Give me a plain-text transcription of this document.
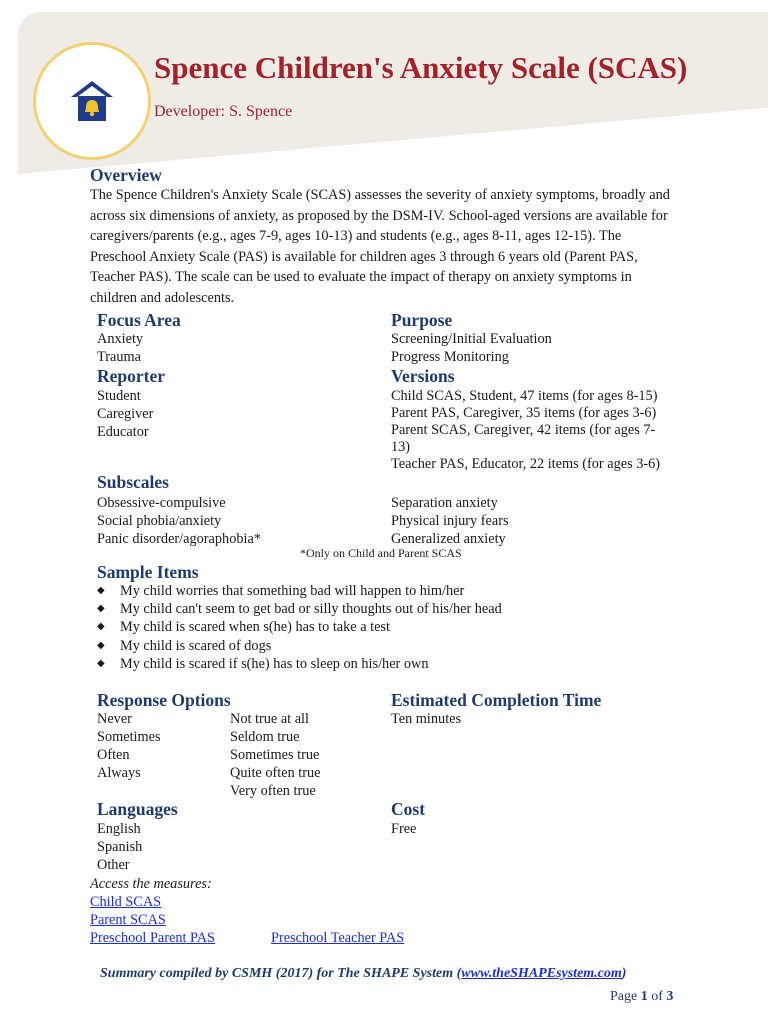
Spence Children's Anxiety Scale (SCAS)
Developer: S. Spence
Overview

The Spence Children's Anxiety Scale (SCAS) assesses the severity of anxiety symptoms, broadly and across six dimensions of anxiety, as proposed by the DSM-IV. School-aged versions are available for caregivers/parents (e.g., ages 7-9, ages 10-13) and students (e.g., ages 8-11, ages 12-15). The Preschool Anxiety Scale (PAS) is available for children ages 3 through 6 years old (Parent PAS, Teacher PAS). The scale can be used to evaluate the impact of therapy on anxiety symptoms in children and adolescents.

Focus Area
Anxiety
Trauma
Purpose
Screening/Initial Evaluation
Progress Monitoring
Reporter
Student
Caregiver
Educator
Versions
Child SCAS, Student, 47 items (for ages 8-15)
Parent PAS, Caregiver, 35 items (for ages 3-6)
Parent SCAS, Caregiver, 42 items (for ages 7-
13)
Teacher PAS, Educator, 22 items (for ages 3-6)
Subscales
Obsessive-compulsive
Social phobia/anxiety
Panic disorder/agoraphobia*
Separation anxiety
Physical injury fears
Generalized anxiety
*Only on Child and Parent SCAS
Sample Items
◆ My child worries that something bad will happen to him/her
◆ My child can't seem to get bad or silly thoughts out of his/her head
◆ My child is scared when s(he) has to take a test
◆ My child is scared of dogs
◆ My child is scared if s(he) has to sleep on his/her own
Response Options
Never
Sometimes
Often
Always
Not true at all
Seldom true
Sometimes true
Quite often true
Very often true
Estimated Completion Time
Ten minutes
Languages
English
Spanish
Other
Cost
Free
Access the measures:
Child SCAS
Parent SCAS
Preschool Parent PAS	Preschool Teacher PAS
Summary compiled by CSMH (2017) for The SHAPE System (www.theSHAPEsystem.com)
Page 1 of 3
